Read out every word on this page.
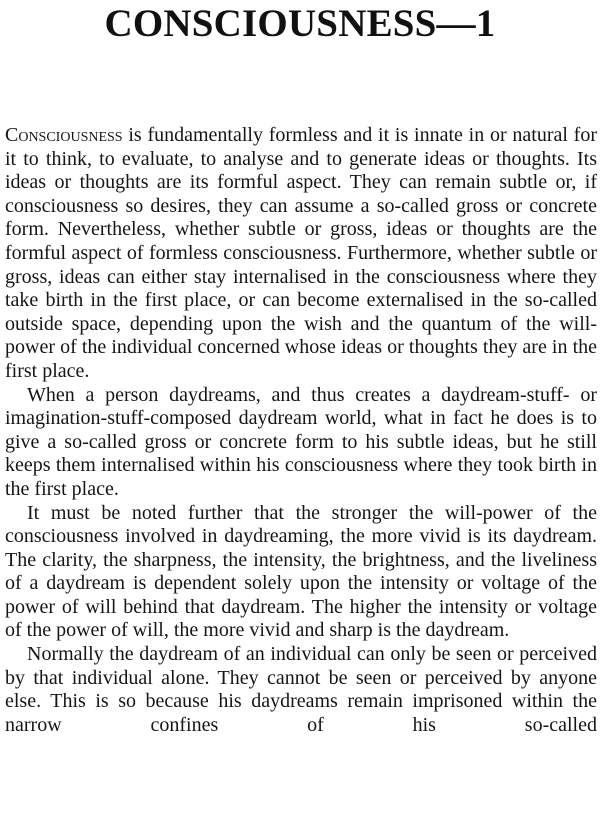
CONSCIOUSNESS—1

Consciousness is fundamentally formless and it is innate in or natural for it to think, to evaluate, to analyse and to generate ideas or thoughts. Its ideas or thoughts are its formful aspect. They can remain subtle or, if consciousness so desires, they can assume a so-called gross or concrete form. Nevertheless, whether subtle or gross, ideas or thoughts are the formful aspect of formless consciousness. Furthermore, whether subtle or gross, ideas can either stay internalised in the consciousness where they take birth in the first place, or can become externalised in the so-called outside space, depending upon the wish and the quantum of the will-power of the individual concerned whose ideas or thoughts they are in the first place.

When a person daydreams, and thus creates a daydream-stuff- or imagination-stuff-composed daydream world, what in fact he does is to give a so-called gross or concrete form to his subtle ideas, but he still keeps them internalised within his consciousness where they took birth in the first place.

It must be noted further that the stronger the will-power of the consciousness involved in daydreaming, the more vivid is its daydream. The clarity, the sharpness, the intensity, the brightness, and the liveliness of a daydream is dependent solely upon the intensity or voltage of the power of will behind that daydream. The higher the intensity or voltage of the power of will, the more vivid and sharp is the daydream.

Normally the daydream of an individual can only be seen or perceived by that individual alone. They cannot be seen or perceived by anyone else. This is so because his daydreams remain imprisoned within the narrow confines of his so-called
